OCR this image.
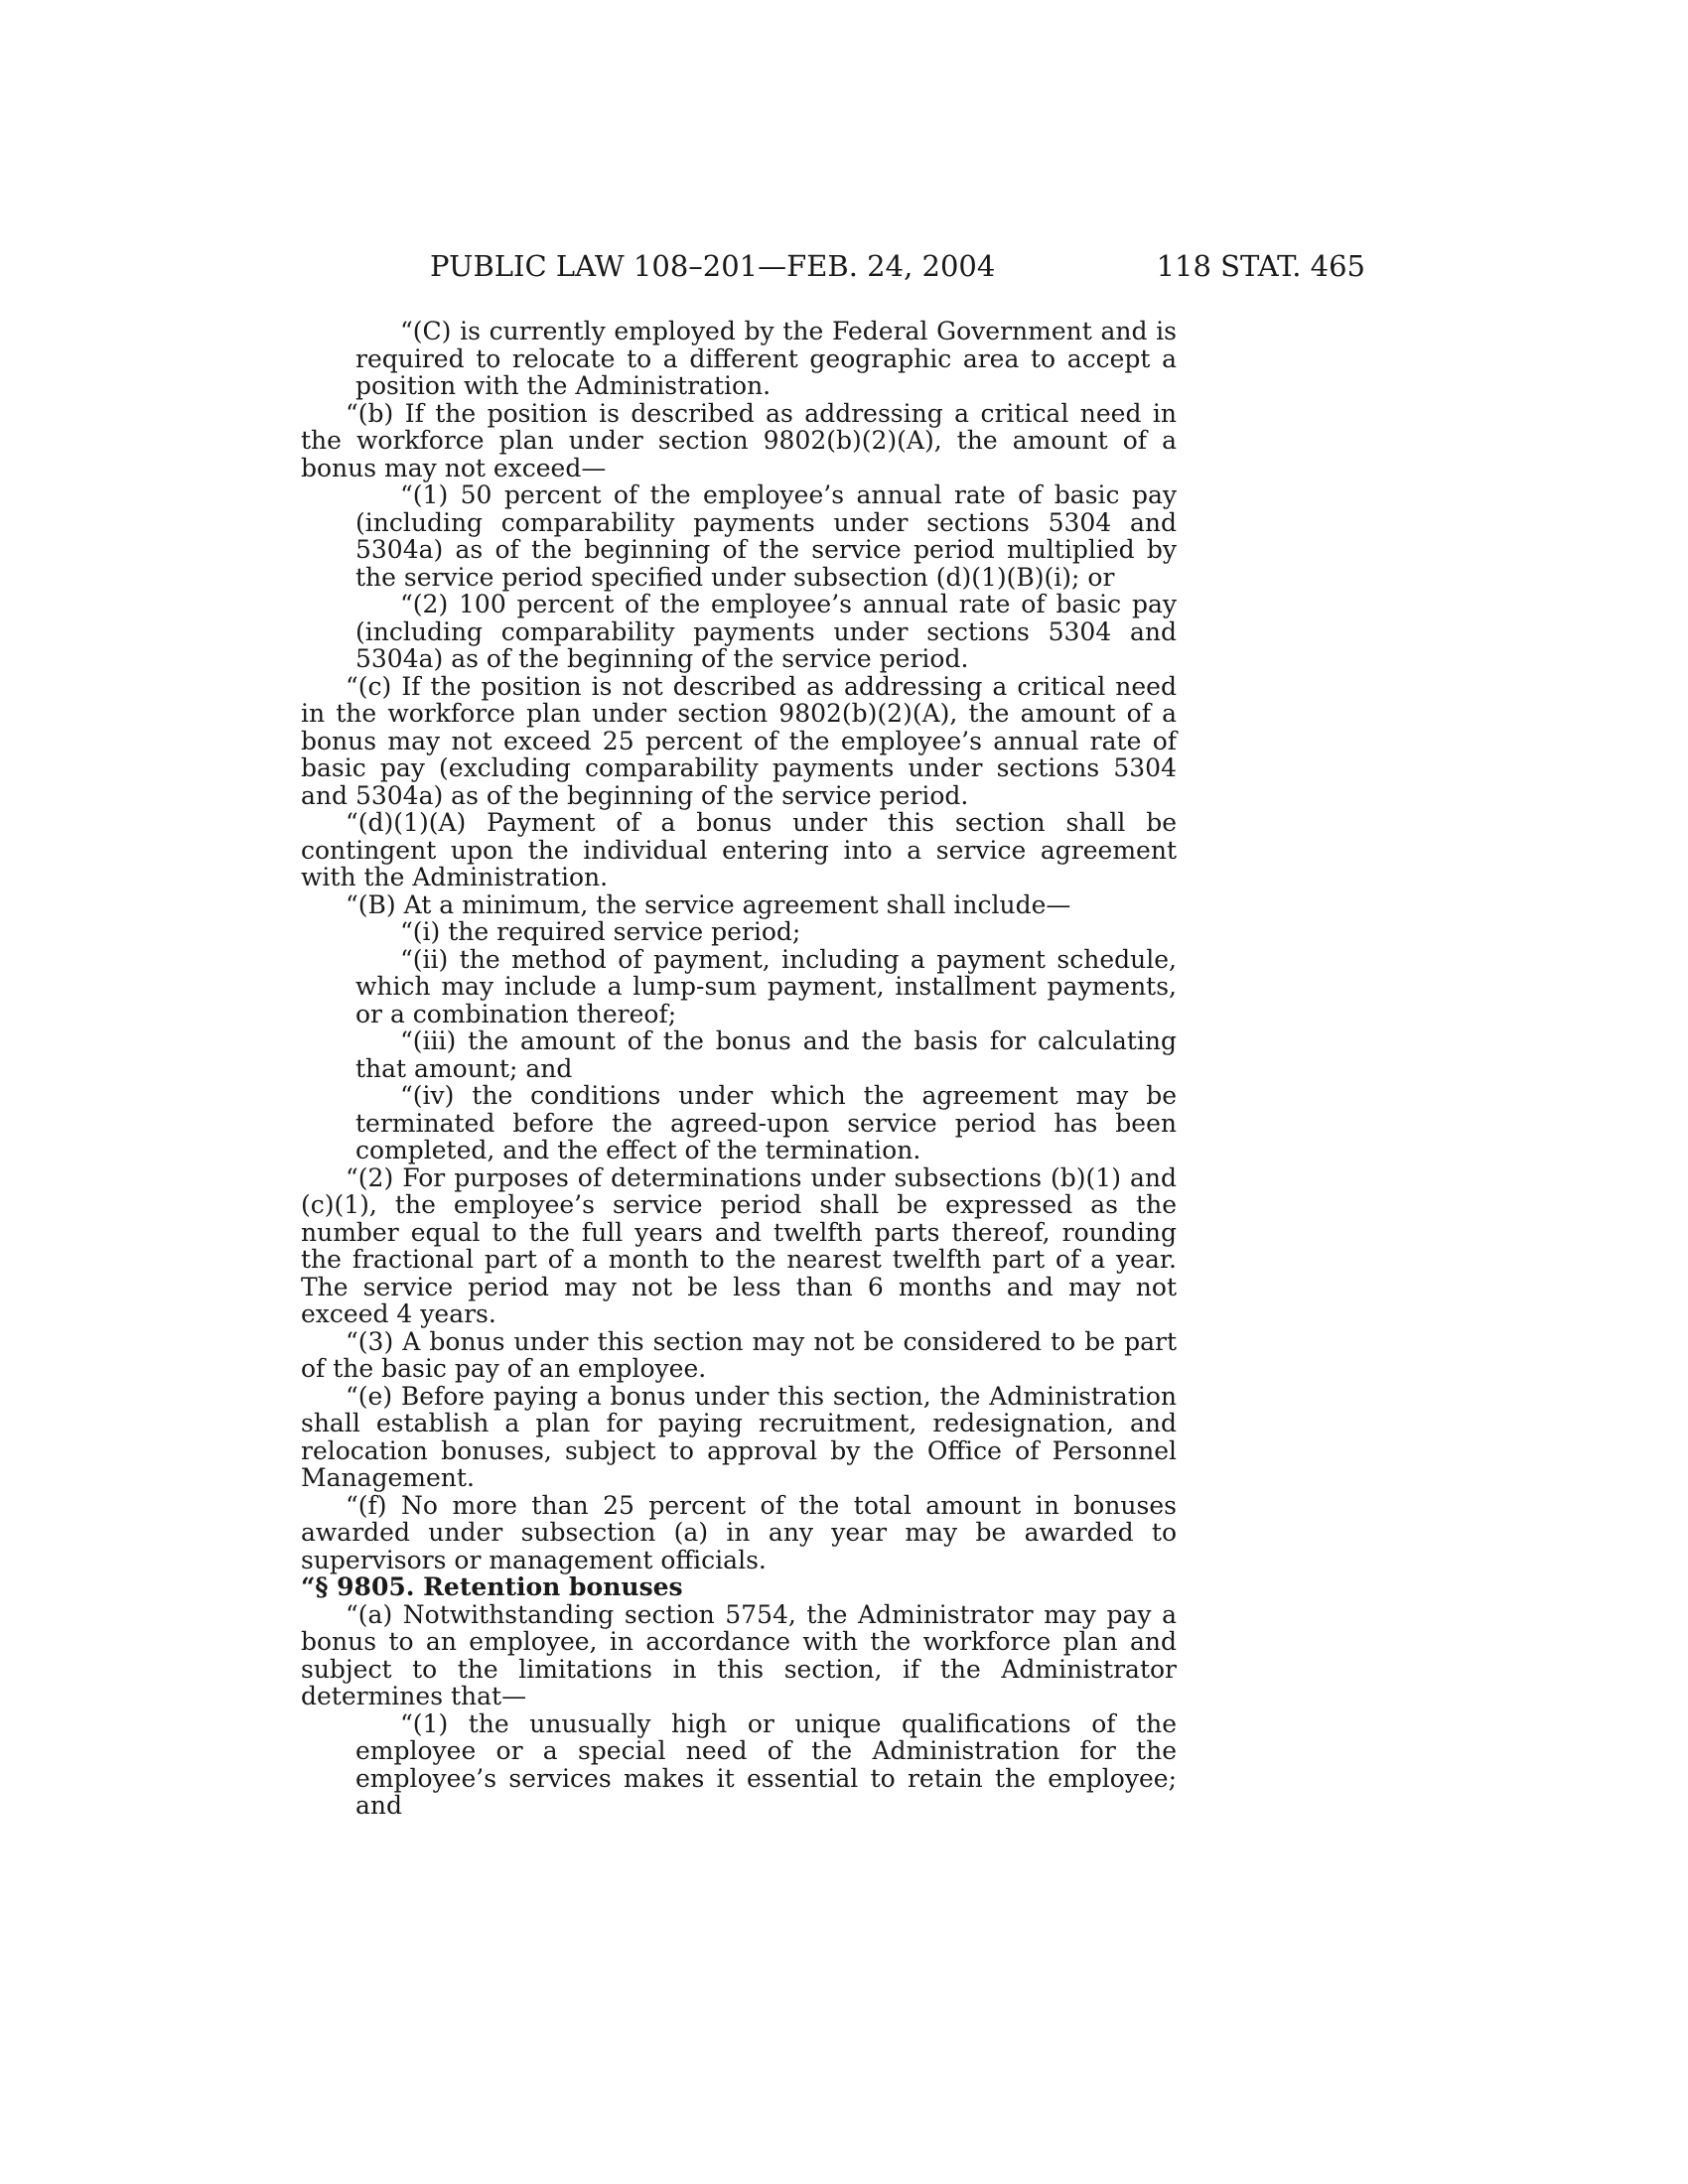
PUBLIC LAW 108–201—FEB. 24, 2004	118 STAT. 465

“(C) is currently employed by the Federal Government and is required to relocate to a different geographic area to accept a position with the Administration.

“(b) If the position is described as addressing a critical need in the workforce plan under section 9802(b)(2)(A), the amount of a bonus may not exceed—

“(1) 50 percent of the employee’s annual rate of basic pay (including comparability payments under sections 5304 and 5304a) as of the beginning of the service period multiplied by the service period specified under subsection (d)(1)(B)(i); or

“(2) 100 percent of the employee’s annual rate of basic pay (including comparability payments under sections 5304 and 5304a) as of the beginning of the service period.

“(c) If the position is not described as addressing a critical need in the workforce plan under section 9802(b)(2)(A), the amount of a bonus may not exceed 25 percent of the employee’s annual rate of basic pay (excluding comparability payments under sections 5304 and 5304a) as of the beginning of the service period.

“(d)(1)(A) Payment of a bonus under this section shall be contingent upon the individual entering into a service agreement with the Administration.

“(B) At a minimum, the service agreement shall include—

“(i) the required service period;

“(ii) the method of payment, including a payment schedule, which may include a lump-sum payment, installment payments, or a combination thereof;

“(iii) the amount of the bonus and the basis for calculating that amount; and

“(iv) the conditions under which the agreement may be terminated before the agreed-upon service period has been completed, and the effect of the termination.

“(2) For purposes of determinations under subsections (b)(1) and (c)(1), the employee’s service period shall be expressed as the number equal to the full years and twelfth parts thereof, rounding the fractional part of a month to the nearest twelfth part of a year. The service period may not be less than 6 months and may not exceed 4 years.

“(3) A bonus under this section may not be considered to be part of the basic pay of an employee.

“(e) Before paying a bonus under this section, the Administration shall establish a plan for paying recruitment, redesignation, and relocation bonuses, subject to approval by the Office of Personnel Management.

“(f) No more than 25 percent of the total amount in bonuses awarded under subsection (a) in any year may be awarded to supervisors or management officials.

“§ 9805. Retention bonuses

“(a) Notwithstanding section 5754, the Administrator may pay a bonus to an employee, in accordance with the workforce plan and subject to the limitations in this section, if the Administrator determines that—

“(1) the unusually high or unique qualifications of the employee or a special need of the Administration for the employee’s services makes it essential to retain the employee; and
